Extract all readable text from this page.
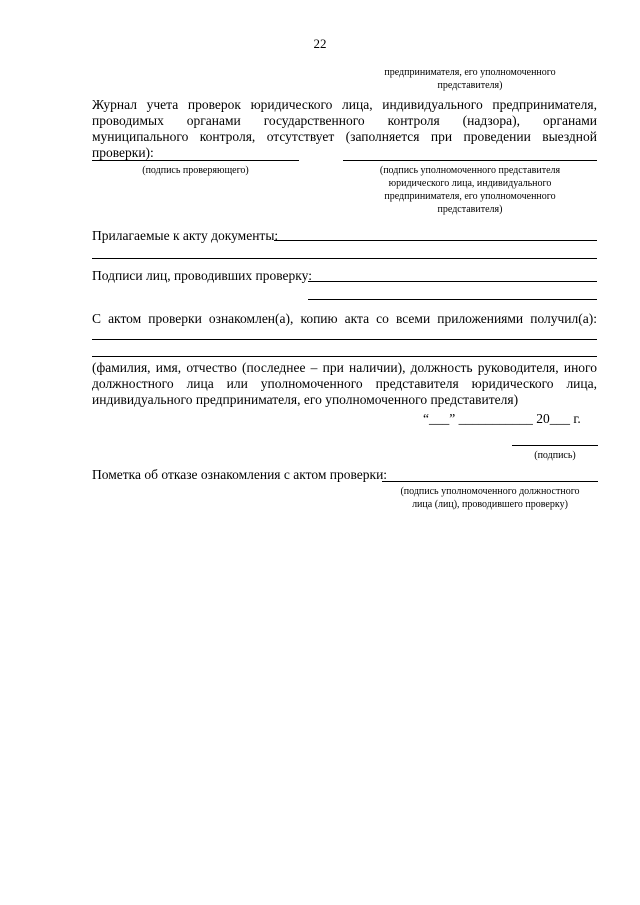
22
предпринимателя, его уполномоченного
представителя)
Журнал учета проверок юридического лица, индивидуального предпринимателя, проводимых органами государственного контроля (надзора), органами муниципального контроля, отсутствует (заполняется при проведении выездной проверки):
(подпись проверяющего)	(подпись уполномоченного представителя
юридического лица, индивидуального
предпринимателя, его уполномоченного
представителя)
Прилагаемые к акту документы:
Подписи лиц, проводивших проверку:
С актом проверки ознакомлен(а), копию акта со всеми приложениями получил(а):
(фамилия, имя, отчество (последнее – при наличии), должность руководителя, иного должностного лица или уполномоченного представителя юридического лица, индивидуального предпринимателя, его уполномоченного представителя)
“___” ___________ 20___ г.
(подпись)
Пометка об отказе ознакомления с актом проверки:
(подпись уполномоченного должностного
лица (лиц), проводившего проверку)
